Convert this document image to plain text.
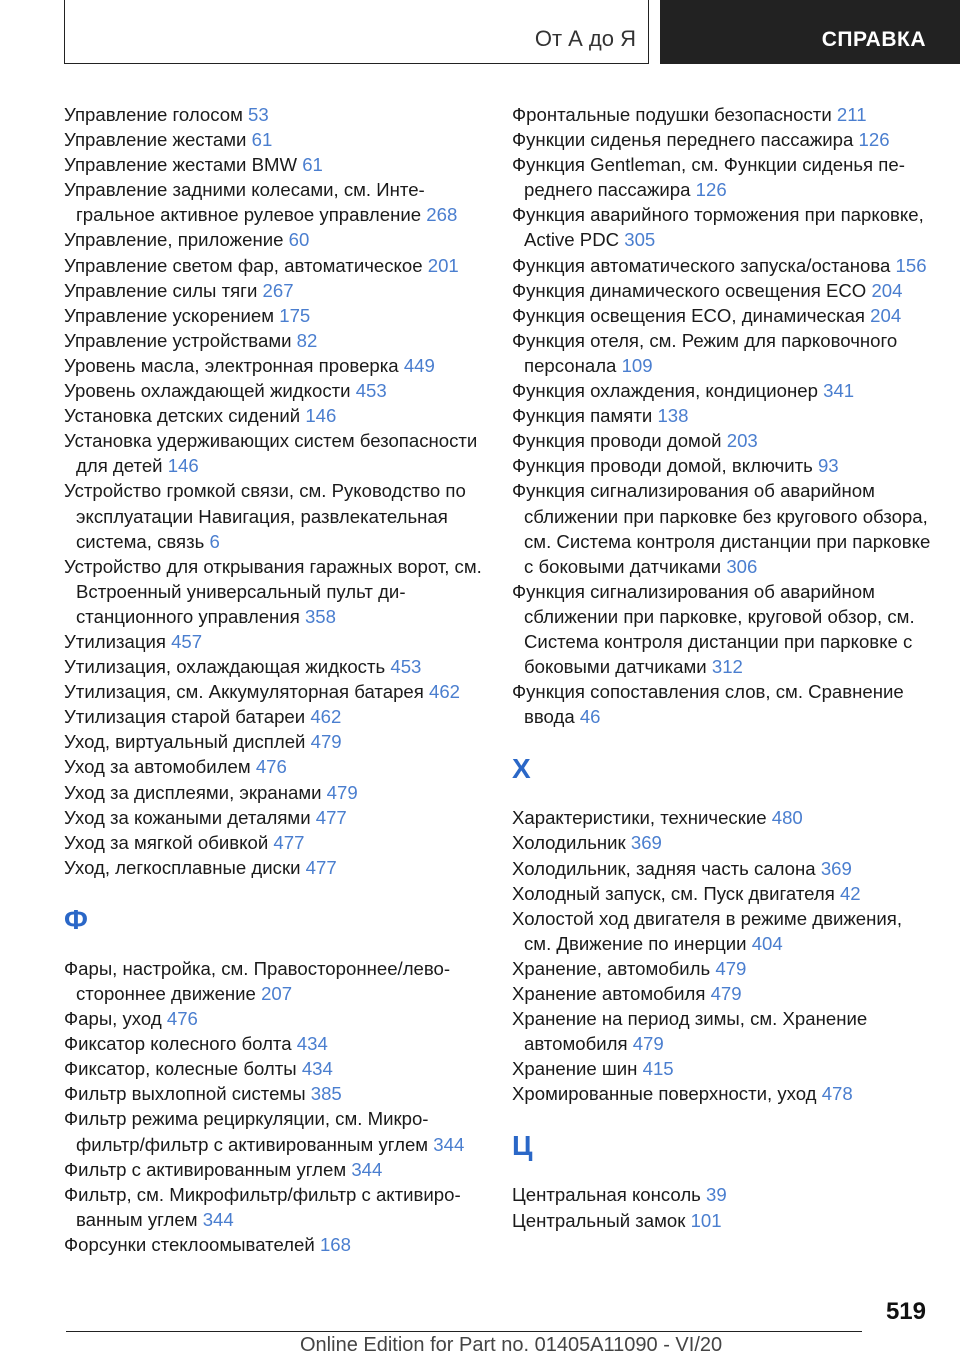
От А до Я	СПРАВКА
Управление голосом 53
Управление жестами 61
Управление жестами BMW 61
Управление задними колесами, см. Интегральное активное рулевое управление 268
Управление, приложение 60
Управление светом фар, автоматическое 201
Управление силы тяги 267
Управление ускорением 175
Управление устройствами 82
Уровень масла, электронная проверка 449
Уровень охлаждающей жидкости 453
Установка детских сидений 146
Установка удерживающих систем безопасности для детей 146
Устройство громкой связи, см. Руководство по эксплуатации Навигация, развлекательная система, связь 6
Устройство для открывания гаражных ворот, см. Встроенный универсальный пульт дистанционного управления 358
Утилизация 457
Утилизация, охлаждающая жидкость 453
Утилизация, см. Аккумуляторная батарея 462
Утилизация старой батареи 462
Уход, виртуальный дисплей 479
Уход за автомобилем 476
Уход за дисплеями, экранами 479
Уход за кожаными деталями 477
Уход за мягкой обивкой 477
Уход, легкосплавные диски 477
Ф
Фары, настройка, см. Правостороннее/левостороннее движение 207
Фары, уход 476
Фиксатор колесного болта 434
Фиксатор, колесные болты 434
Фильтр выхлопной системы 385
Фильтр режима рециркуляции, см. Микрофильтр/фильтр с активированным углем 344
Фильтр с активированным углем 344
Фильтр, см. Микрофильтр/фильтр с активированным углем 344
Форсунки стеклоомывателей 168
Фронтальные подушки безопасности 211
Функции сиденья переднего пассажира 126
Функция Gentleman, см. Функции сиденья переднего пассажира 126
Функция аварийного торможения при парковке, Active PDC 305
Функция автоматического запуска/останова 156
Функция динамического освещения ECO 204
Функция освещения ECO, динамическая 204
Функция отеля, см. Режим для парковочного персонала 109
Функция охлаждения, кондиционер 341
Функция памяти 138
Функция проводи домой 203
Функция проводи домой, включить 93
Функция сигнализирования об аварийном сближении при парковке без кругового обзора, см. Система контроля дистанции при парковке с боковыми датчиками 306
Функция сигнализирования об аварийном сближении при парковке, круговой обзор, см. Система контроля дистанции при парковке с боковыми датчиками 312
Функция сопоставления слов, см. Сравнение ввода 46
Х
Характеристики, технические 480
Холодильник 369
Холодильник, задняя часть салона 369
Холодный запуск, см. Пуск двигателя 42
Холостой ход двигателя в режиме движения, см. Движение по инерции 404
Хранение, автомобиль 479
Хранение автомобиля 479
Хранение на период зимы, см. Хранение автомобиля 479
Хранение шин 415
Хромированные поверхности, уход 478
Ц
Центральная консоль 39
Центральный замок 101
519
Online Edition for Part no. 01405A11090 - VI/20
